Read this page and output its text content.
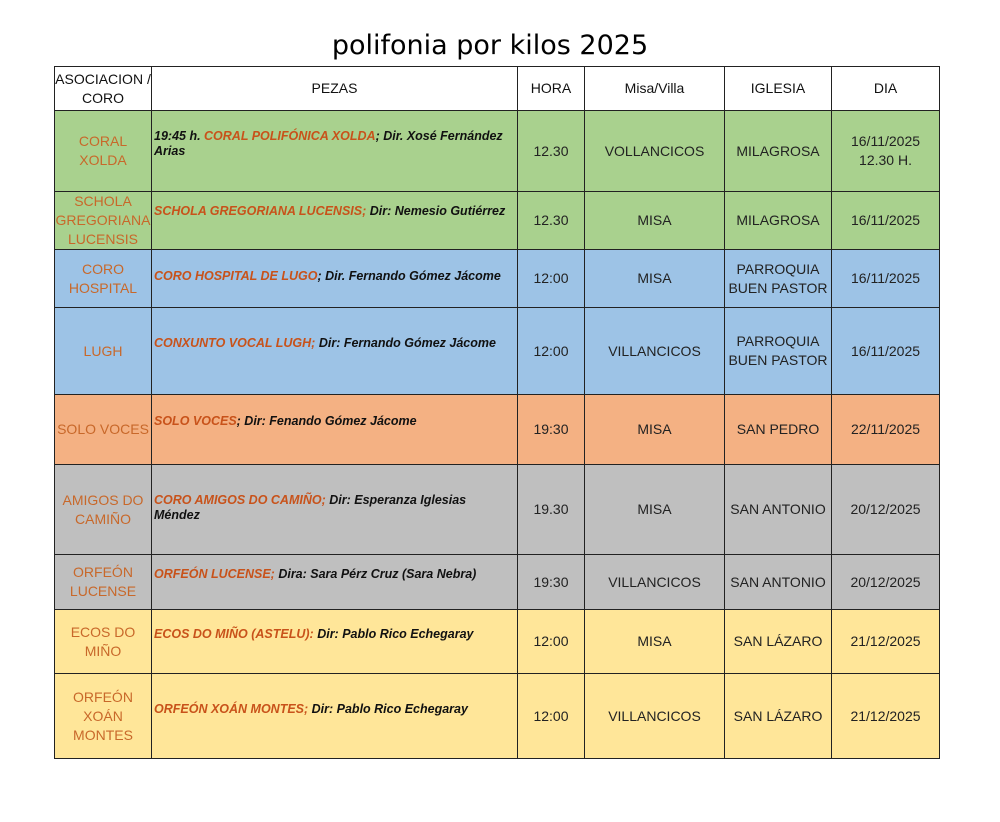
polifonia por kilos 2025
ASOCIACION / CORO	PEZAS	HORA	Misa/Villa	IGLESIA	DIA
CORAL XOLDA	19:45 h. CORAL POLIFÓNICA XOLDA; Dir. Xosé Fernández Arias	12.30	VOLLANCICOS	MILAGROSA	16/11/2025
12.30 H.
SCHOLA GREGORIANA LUCENSIS	SCHOLA GREGORIANA LUCENSIS; Dir: Nemesio Gutiérrez	12.30	MISA	MILAGROSA	16/11/2025
CORO HOSPITAL	CORO HOSPITAL DE LUGO; Dir. Fernando Gómez Jácome	12:00	MISA	PARROQUIA BUEN PASTOR	16/11/2025
LUGH	CONXUNTO VOCAL LUGH; Dir: Fernando Gómez Jácome	12:00	VILLANCICOS	PARROQUIA BUEN PASTOR	16/11/2025
SOLO VOCES	SOLO VOCES; Dir: Fenando Gómez Jácome	19:30	MISA	SAN PEDRO	22/11/2025
AMIGOS DO CAMIÑO	CORO AMIGOS DO CAMIÑO; Dir: Esperanza Iglesias Méndez	19.30	MISA	SAN ANTONIO	20/12/2025
ORFEÓN LUCENSE	ORFEÓN LUCENSE; Dira: Sara Pérz Cruz (Sara Nebra)	19:30	VILLANCICOS	SAN ANTONIO	20/12/2025
ECOS DO MIÑO	ECOS DO MIÑO (ASTELU): Dir: Pablo Rico Echegaray	12:00	MISA	SAN LÁZARO	21/12/2025
ORFEÓN XOÁN MONTES	ORFEÓN XOÁN MONTES; Dir: Pablo Rico Echegaray	12:00	VILLANCICOS	SAN LÁZARO	21/12/2025
